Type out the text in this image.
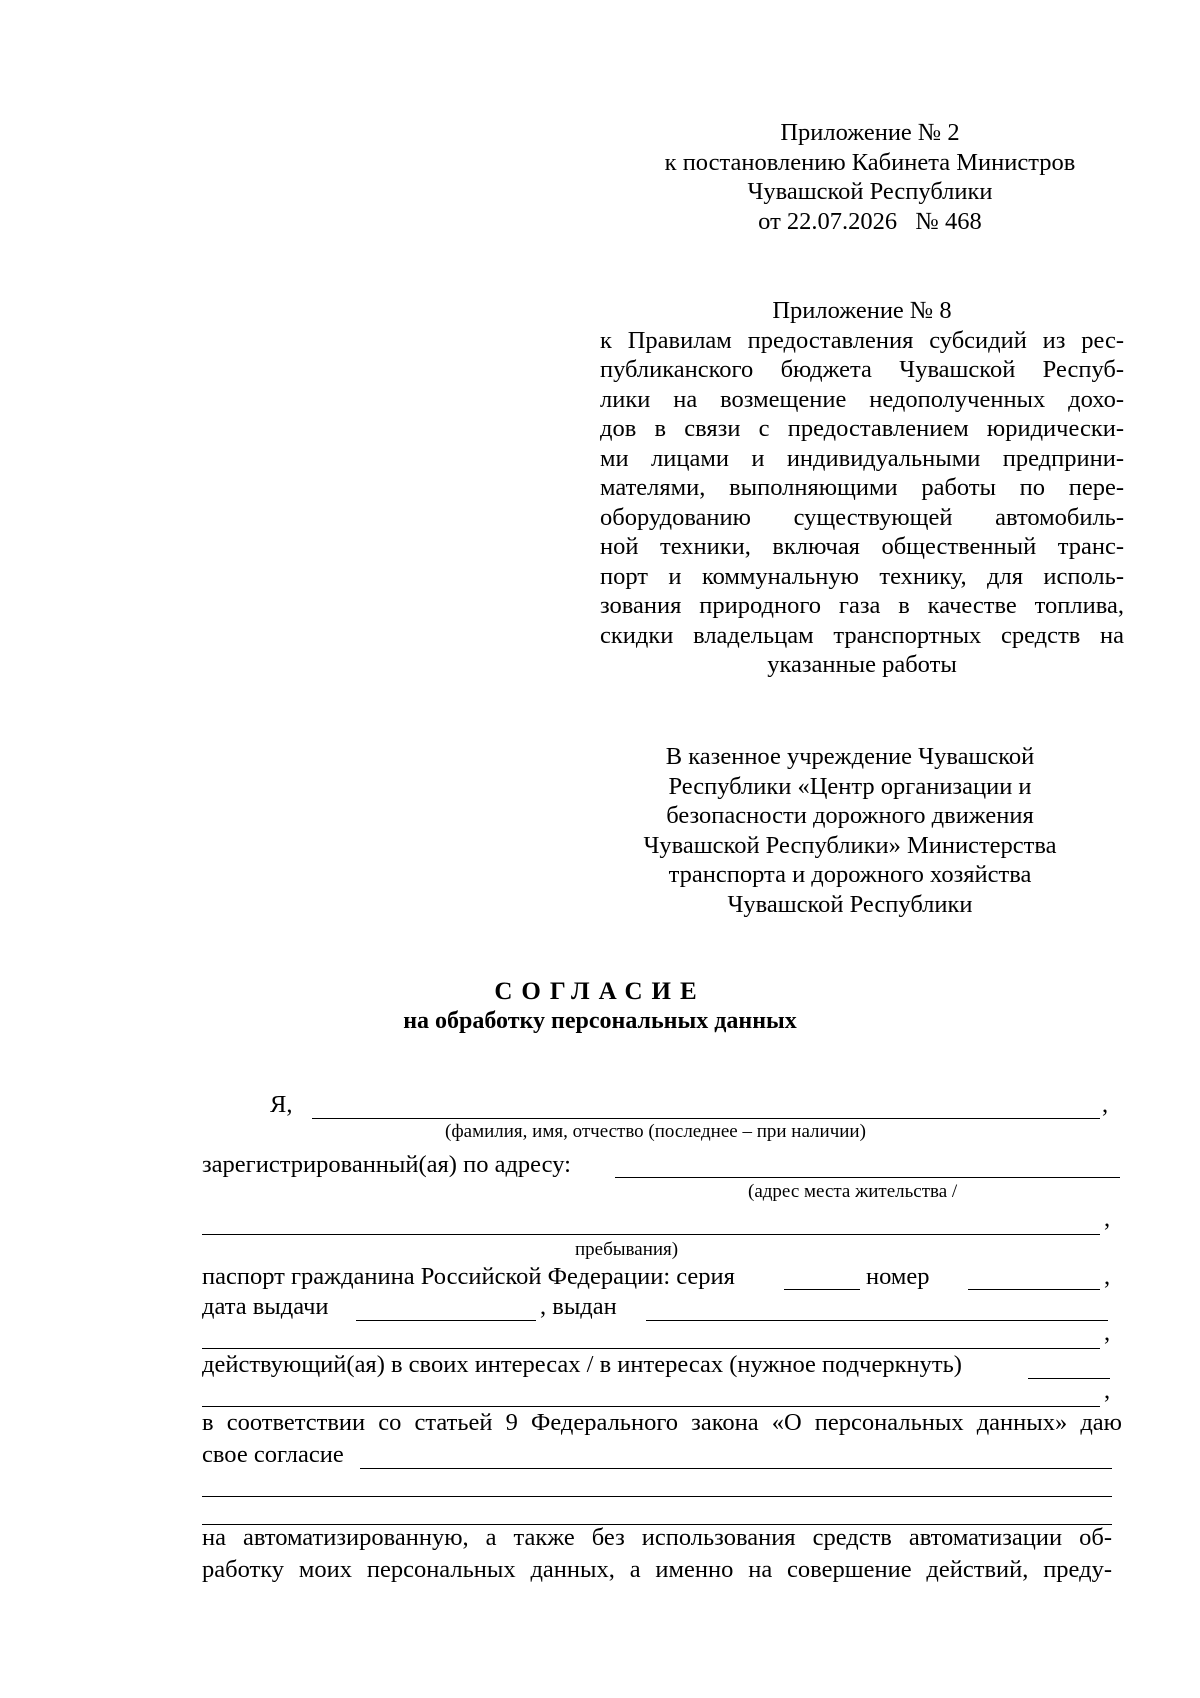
Приложение № 2
к постановлению Кабинета Министров
Чувашской Республики
от 22.07.2026   № 468
Приложение № 8
к Правилам предоставления субсидий из рес-
публиканского бюджета Чувашской Респуб-
лики на возмещение недополученных дохо-
дов в связи с предоставлением юридически-
ми лицами и индивидуальными предприни-
мателями, выполняющими работы по пере-
оборудованию существующей автомобиль-
ной техники, включая общественный транс-
порт и коммунальную технику, для исполь-
зования природного газа в качестве топлива,
скидки владельцам транспортных средств на
указанные работы
В казенное учреждение Чувашской
Республики «Центр организации и
безопасности дорожного движения
Чувашской Республики» Министерства
транспорта и дорожного хозяйства
Чувашской Республики
СОГЛАСИЕ
на обработку персональных данных
Я,	,
(фамилия, имя, отчество (последнее – при наличии)
зарегистрированный(ая) по адресу:
(адрес места жительства /
,
пребывания)
паспорт гражданина Российской Федерации: серия	номер	,
дата выдачи	, выдан
,
действующий(ая) в своих интересах / в интересах (нужное подчеркнуть)
,
в соответствии со статьей 9 Федерального закона «О персональных данных» даю
свое согласие
на автоматизированную, а также без использования средств автоматизации об-
работку моих персональных данных, а именно на совершение действий, преду-
